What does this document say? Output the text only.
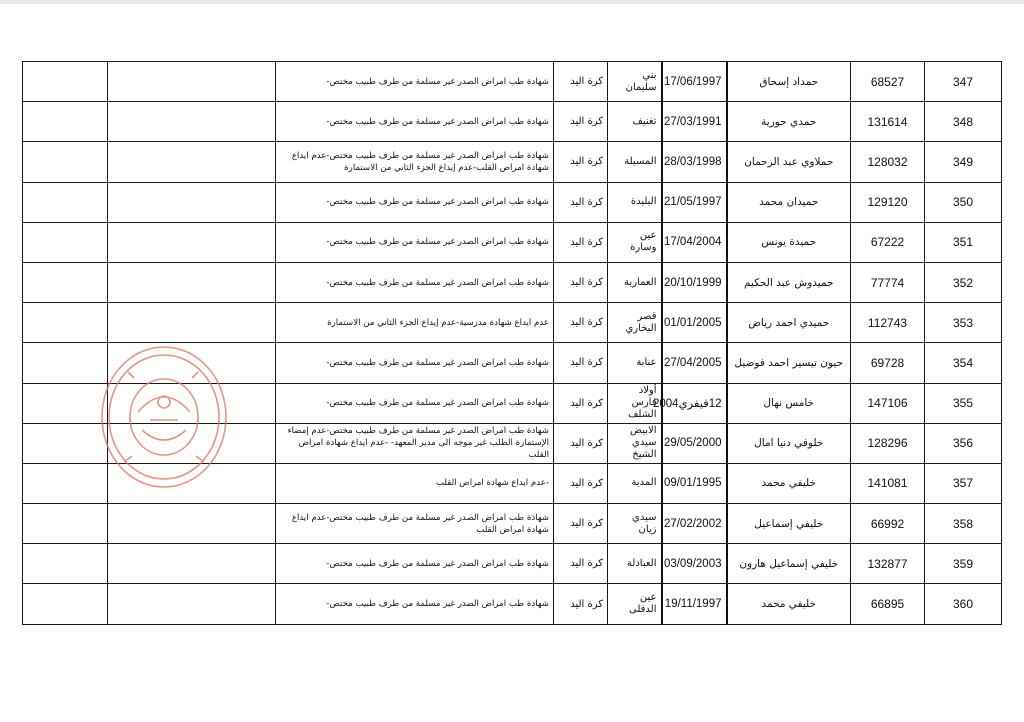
347	68527	حمداد إسحاق	17/06/1997	بني سليمان	كرة اليد	شهادة طب امراض الصدر غير مسلمة من طرف طبيب مختص-		
348	131614	حمدي حورية	27/03/1991	تغنيف	كرة اليد	شهادة طب امراض الصدر غير مسلمة من طرف طبيب مختص-		
349	128032	حملاوي عبد الرحمان	28/03/1998	المسيلة	كرة اليد	شهادة طب امراض الصدر غير مسلمة من طرف طبيب مختص-عدم ايداع شهادة امراض القلب-عدم إيداع الجزء الثاني من الاستمارة		
350	129120	حميدان محمد	21/05/1997	البليدة	كرة اليد	شهادة طب امراض الصدر غير مسلمة من طرف طبيب مختص-		
351	67222	حميدة يونس	17/04/2004	عين وسارة	كرة اليد	شهادة طب امراض الصدر غير مسلمة من طرف طبيب مختص-		
352	77774	حميدوش عبد الحكيم	20/10/1999	العمارية	كرة اليد	شهادة طب امراض الصدر غير مسلمة من طرف طبيب مختص-		
353	112743	حميدي احمد رياض	01/01/2005	قصر البخاري	كرة اليد	عدم ايداع شهادة مدرسية-عدم إيداع الجزء الثاني من الاستمارة		
354	69728	حيون تيسير احمد فوضيل	27/04/2005	عنابة	كرة اليد	شهادة طب امراض الصدر غير مسلمة من طرف طبيب مختص-		
355	147106	خامس نهال	12فيفري2004	أولاد فارس الشلف	كرة اليد	شهادة طب امراض الصدر غير مسلمة من طرف طبيب مختص-		
356	128296	خلوفي دنيا امال	29/05/2000	الابيض سيدي الشيخ	كرة اليد	شهادة طب امراض الصدر غير مسلمة من طرف طبيب مختص-عدم إمضاء الإستمارة الطلب غير موجه الى مدير المعهد- -عدم ايداع شهادة امراض القلب		
357	141081	خليفي محمد	09/01/1995	المدية	كرة اليد	-عدم ايداع شهادة امراض القلب		
358	66992	خليفي إسماعيل	27/02/2002	سيدي زيان	كرة اليد	شهادة طب امراض الصدر غير مسلمة من طرف طبيب مختص-عدم ايداع شهادة امراض القلب		
359	132877	خليفي إسماعيل هارون	03/09/2003	العبادلة	كرة اليد	شهادة طب امراض الصدر غير مسلمة من طرف طبيب مختص-		
360	66895	خليفي محمد	19/11/1997	عين الدفلى	كرة اليد	شهادة طب امراض الصدر غير مسلمة من طرف طبيب مختص-		
